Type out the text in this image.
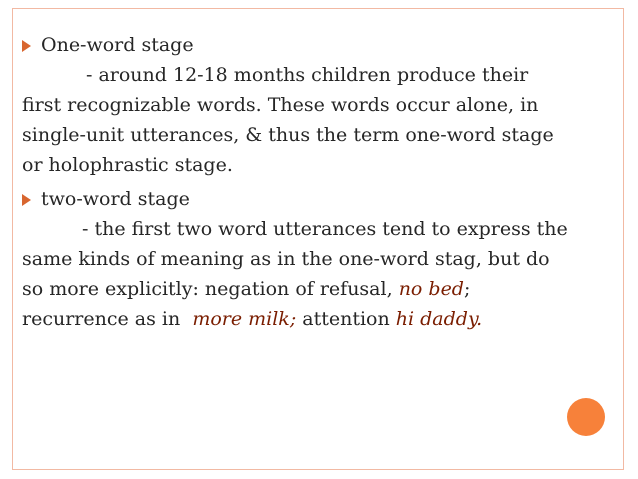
One-word stage

- around 12-18 months children produce their

first recognizable words. These words occur alone, in

single-unit utterances, & thus the term one-word stage

or holophrastic stage.

two-word stage

- the first two word utterances tend to express the

same kinds of meaning as in the one-word stag, but do

so more explicitly: negation of refusal, no bed;

recurrence as in more milk; attention hi daddy.
